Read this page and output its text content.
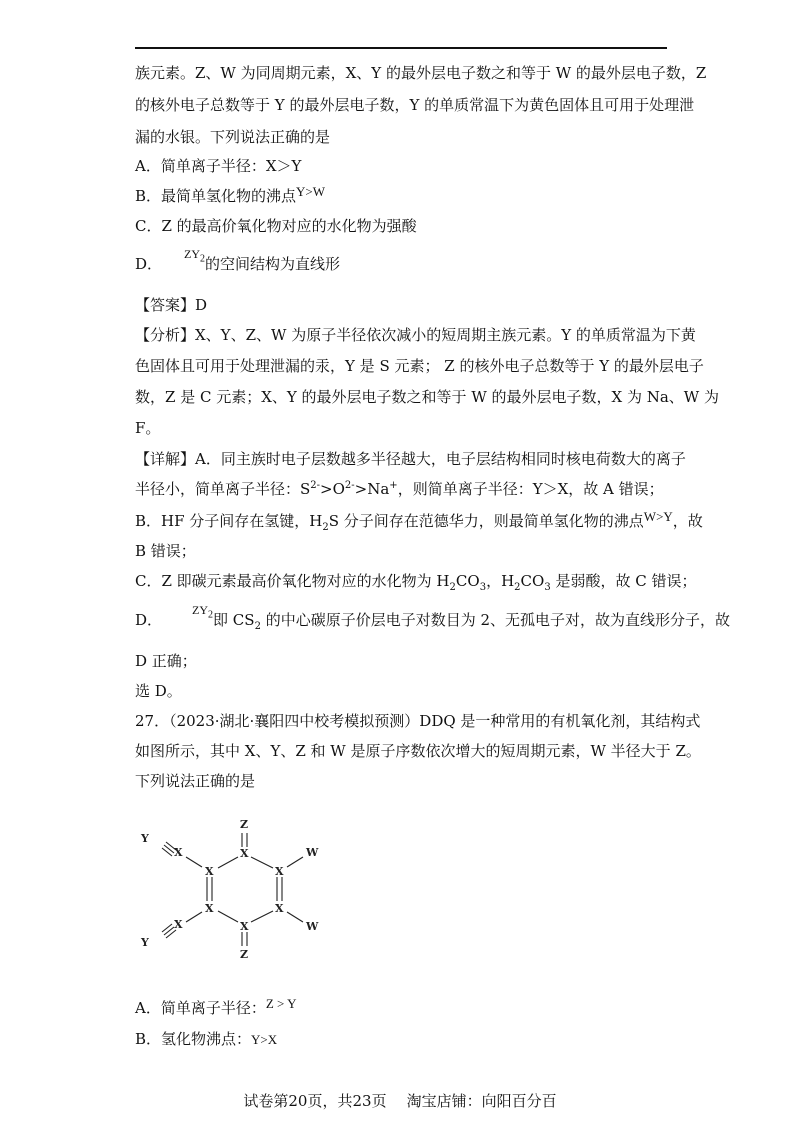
族元素。Z、W 为同周期元素，X、Y 的最外层电子数之和等于 W 的最外层电子数，Z
的核外电子总数等于 Y 的最外层电子数，Y 的单质常温下为黄色固体且可用于处理泄
漏的水银。下列说法正确的是
A．简单离子半径：X＞Y
B．最简单氢化物的沸点Y>W
C．Z 的最高价氧化物对应的水化物为强酸
D．$^{ZY_2}$的空间结构为直线形
【答案】D
【分析】X、Y、Z、W 为原子半径依次减小的短周期主族元素。Y 的单质常温为下黄
色固体且可用于处理泄漏的汞，Y 是 S 元素； Z 的核外电子总数等于 Y 的最外层电子
数，Z 是 C 元素；X、Y 的最外层电子数之和等于 W 的最外层电子数，X 为 Na、W 为
F。
【详解】A．同主族时电子层数越多半径越大，电子层结构相同时核电荷数大的离子
半径小，简单离子半径：$S^{2-}>O^{2-}>Na^+$，则简单离子半径：Y＞X，故 A 错误；
B．HF 分子间存在氢键，$H_2S$ 分子间存在范德华力，则最简单氢化物的沸点W>Y，故
B 错误；
C．Z 即碳元素最高价氧化物对应的水化物为 $H_2CO_3$，$H_2CO_3$ 是弱酸，故 C 错误；
D．$^{ZY_2}$即 $CS_2$ 的中心碳原子价层电子对数目为 2、无孤电子对，故为直线形分子，故
D 正确；
选 D。
27．（2023·湖北·襄阳四中校考模拟预测）DDQ 是一种常用的有机氧化剂，其结构式
如图所示，其中 X、Y、Z 和 W 是原子序数依次增大的短周期元素，W 半径大于 Z。
下列说法正确的是
Z
X
X	X
X	X
X
Z
X
X
Y
Y
W
W
A．简单离子半径：Z > Y
B．氢化物沸点：Y>X
试卷第20页，共23页 淘宝店铺：向阳百分百
